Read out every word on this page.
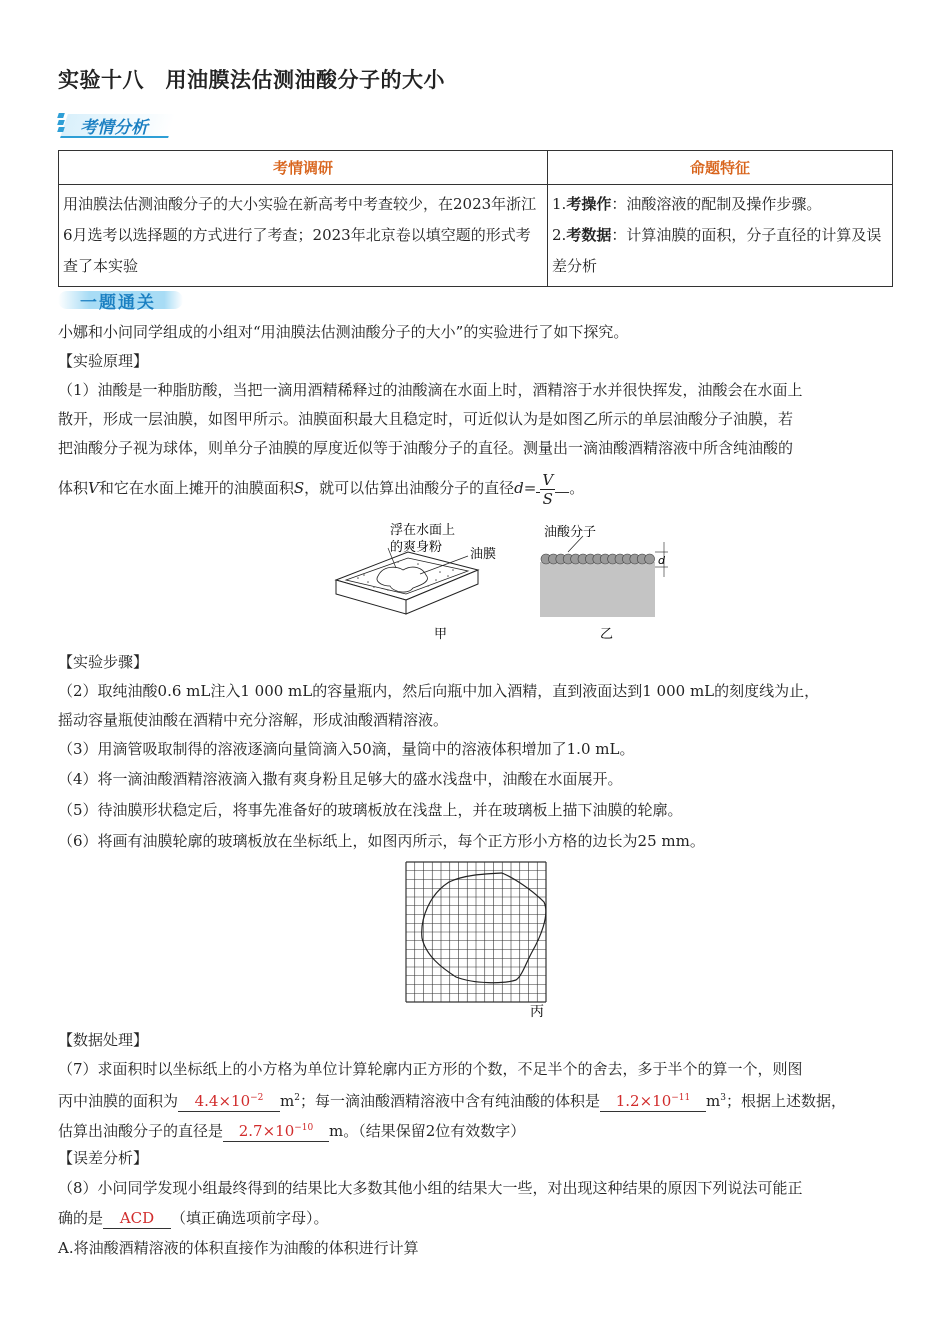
实验十八　用油膜法估测油酸分子的大小
考情分析
考情调研	命题特征
用油膜法估测油酸分子的大小实验在新高考中考查较少，在2023年浙江6月选考以选择题的方式进行了考查；2023年北京卷以填空题的形式考查了本实验	1.考操作：油酸溶液的配制及操作步骤。
2.考数据：计算油膜的面积，分子直径的计算及误差分析
一题通关
小娜和小问同学组成的小组对“用油膜法估测油酸分子的大小”的实验进行了如下探究。
【实验原理】
（1）油酸是一种脂肪酸，当把一滴用酒精稀释过的油酸滴在水面上时，酒精溶于水并很快挥发，油酸会在水面上
散开，形成一层油膜，如图甲所示。油膜面积最大且稳定时，可近似认为是如图乙所示的单层油酸分子油膜，若
把油酸分子视为球体，则单分子油膜的厚度近似等于油酸分子的直径。测量出一滴油酸酒精溶液中所含纯油酸的
体积V和它在水面上摊开的油膜面积S，就可以估算出油酸分子的直径$d= \frac{V}{S}$ 。
浮在水面上
的爽身粉 油膜
甲
油酸分子
d
乙
【实验步骤】
（2）取纯油酸0.6 mL注入1 000 mL的容量瓶内，然后向瓶中加入酒精，直到液面达到1 000 mL的刻度线为止，
摇动容量瓶使油酸在酒精中充分溶解，形成油酸酒精溶液。
（3）用滴管吸取制得的溶液逐滴向量筒滴入50滴，量筒中的溶液体积增加了1.0 mL。
（4）将一滴油酸酒精溶液滴入撒有爽身粉且足够大的盛水浅盘中，油酸在水面展开。
（5）待油膜形状稳定后，将事先准备好的玻璃板放在浅盘上，并在玻璃板上描下油膜的轮廓。
（6）将画有油膜轮廓的玻璃板放在坐标纸上，如图丙所示，每个正方形小方格的边长为25 mm。
丙
【数据处理】
（7）求面积时以坐标纸上的小方格为单位计算轮廓内正方形的个数，不足半个的舍去，多于半个的算一个，则图
丙中油膜的面积为 $4.4\times 10^{-2}$ $m^2$；每一滴油酸酒精溶液中含有纯油酸的体积是 $1.2\times 10^{-11}$ $m^3$；根据上述数据，
估算出油酸分子的直径是 $2.7\times 10^{-10}$ m。（结果保留2位有效数字）
【误差分析】
（8）小问同学发现小组最终得到的结果比大多数其他小组的结果大一些，对出现这种结果的原因下列说法可能正
确的是 ACD （填正确选项前字母）。
A.将油酸酒精溶液的体积直接作为油酸的体积进行计算
